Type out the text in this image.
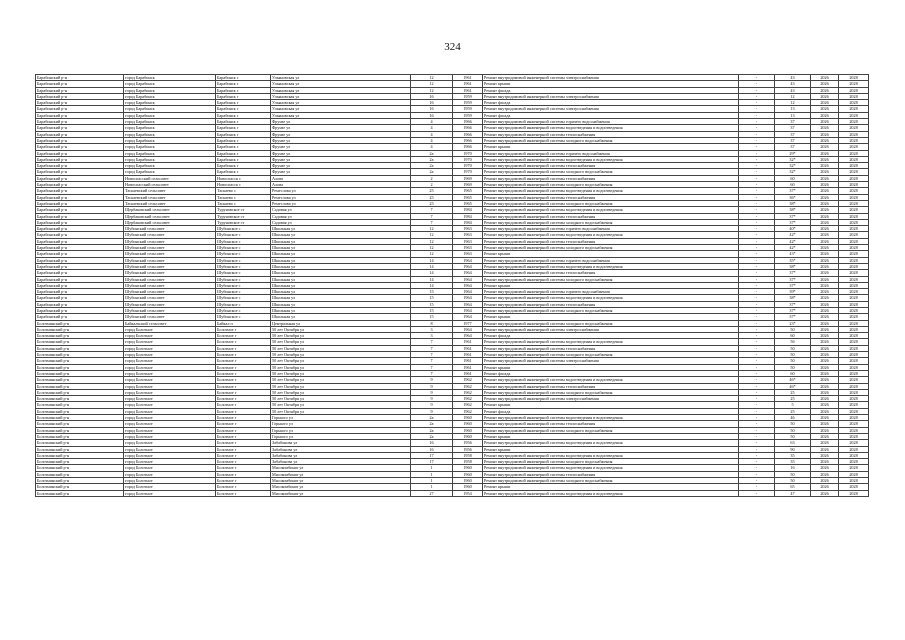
324
Барабинский р-н	город Барабинск	Барабинск г	Ульяновская ул	12	1961	Ремонт внутридомовой инженерной системы электроснабжения	-	43	2026	2028
Барабинский р-н	город Барабинск	Барабинск г	Ульяновская ул	12	1961	Ремонт крыши	-	43	2026	2028
Барабинский р-н	город Барабинск	Барабинск г	Ульяновская ул	12	1961	Ремонт фасада	-	43	2026	2028
Барабинский р-н	город Барабинск	Барабинск г	Ульяновская ул	16	1959	Ремонт внутридомовой инженерной системы электроснабжения	-	12	2026	2028
Барабинский р-н	город Барабинск	Барабинск г	Ульяновская ул	16	1959	Ремонт фасада	-	12	2026	2028
Барабинский р-н	город Барабинск	Барабинск г	Ульяновская ул	16	1959	Ремонт внутридомовой инженерной системы электроснабжения	-	13	2026	2028
Барабинский р-н	город Барабинск	Барабинск г	Ульяновская ул	16	1959	Ремонт фасада	-	13	2026	2028
Барабинский р-н	город Барабинск	Барабинск г	Фрунзе ул	4	1966	Ремонт внутридомовой инженерной системы горячего водоснабжения	-	37	2026	2028
Барабинский р-н	город Барабинск	Барабинск г	Фрунзе ул	4	1966	Ремонт внутридомовой инженерной системы водоотведения и водоотведения	-	37	2026	2028
Барабинский р-н	город Барабинск	Барабинск г	Фрунзе ул	4	1966	Ремонт внутридомовой инженерной системы теплоснабжения	-	37	2026	2028
Барабинский р-н	город Барабинск	Барабинск г	Фрунзе ул	4	1966	Ремонт внутридомовой инженерной системы холодного водоснабжения	-	37	2026	2028
Барабинский р-н	город Барабинск	Барабинск г	Фрунзе ул	4	1966	Ремонт крыши	-	37	2026	2028
Барабинский р-н	город Барабинск	Барабинск г	Фрунзе ул	2а	1970	Ремонт внутридомовой инженерной системы горячего водоснабжения	-	29*	2026	2028
Барабинский р-н	город Барабинск	Барабинск г	Фрунзе ул	2а	1970	Ремонт внутридомовой инженерной системы водоотведения и водоотведения	-	32*	2026	2028
Барабинский р-н	город Барабинск	Барабинск г	Фрунзе ул	2а	1970	Ремонт внутридомовой инженерной системы теплоснабжения	-	32*	2026	2028
Барабинский р-н	город Барабинск	Барабинск г	Фрунзе ул	2а	1970	Ремонт внутридомовой инженерной системы холодного водоснабжения	-	32*	2026	2028
Барабинский р-н	Новоспасский сельсовет	Новоспасск с	Алова	2	1969	Ремонт внутридомовой инженерной системы теплоснабжения	-	60	2026	2028
Барабинский р-н	Новоспасский сельсовет	Новоспасск с	Алова	2	1969	Ремонт внутридомовой инженерной системы холодного водоснабжения	-	60	2026	2028
Барабинский р-н	Таскаевский сельсовет	Таскаево с	Ремеслова ул	25	1965	Ремонт внутридомовой инженерной системы водоотведения и водоотведения	-	37*	2026	2028
Барабинский р-н	Таскаевский сельсовет	Таскаево с	Ремеслова ул	25	1965	Ремонт внутридомовой инженерной системы теплоснабжения	-	36*	2026	2028
Барабинский р-н	Таскаевский сельсовет	Таскаево с	Ремеслова ул	25	1965	Ремонт внутридомовой инженерной системы холодного водоснабжения	-	38*	2026	2028
Барабинский р-н	Щербаковский сельсовет	Туруновское ст	Садовая ул	7	1984	Ремонт внутридомовой инженерной системы водоотведения и водоотведения	-	38*	2026	2028
Барабинский р-н	Щербаковский сельсовет	Туруновское ст	Садовая ул	7	1984	Ремонт внутридомовой инженерной системы теплоснабжения	-	37*	2026	2028
Барабинский р-н	Щербаковский сельсовет	Туруновское ст	Садовая ул	7	1984	Ремонт внутридомовой инженерной системы холодного водоснабжения	-	37*	2026	2028
Барабинский р-н	Шубинский сельсовет	Шубинское с	Школьная ул	12	1963	Ремонт внутридомовой инженерной системы горячего водоснабжения	-	40*	2026	2028
Барабинский р-н	Шубинский сельсовет	Шубинское с	Школьная ул	12	1963	Ремонт внутридомовой инженерной системы водоотведения и водоотведения	-	42*	2026	2028
Барабинский р-н	Шубинский сельсовет	Шубинское с	Школьная ул	12	1963	Ремонт внутридомовой инженерной системы теплоснабжения	-	42*	2026	2028
Барабинский р-н	Шубинский сельсовет	Шубинское с	Школьная ул	12	1963	Ремонт внутридомовой инженерной системы холодного водоснабжения	-	42*	2026	2028
Барабинский р-н	Шубинский сельсовет	Шубинское с	Школьная ул	12	1963	Ремонт крыши	-	43*	2026	2028
Барабинский р-н	Шубинский сельсовет	Шубинское с	Школьная ул	14	1964	Ремонт внутридомовой инженерной системы горячего водоснабжения	-	35*	2026	2028
Барабинский р-н	Шубинский сельсовет	Шубинское с	Школьная ул	14	1964	Ремонт внутридомовой инженерной системы водоотведения и водоотведения	-	38*	2026	2028
Барабинский р-н	Шубинский сельсовет	Шубинское с	Школьная ул	14	1964	Ремонт внутридомовой инженерной системы теплоснабжения	-	37*	2026	2028
Барабинский р-н	Шубинский сельсовет	Шубинское с	Школьная ул	14	1964	Ремонт внутридомовой инженерной системы холодного водоснабжения	-	37*	2026	2028
Барабинский р-н	Шубинский сельсовет	Шубинское с	Школьная ул	14	1964	Ремонт крыши	-	37*	2026	2028
Барабинский р-н	Шубинский сельсовет	Шубинское с	Школьная ул	15	1964	Ремонт внутридомовой инженерной системы горячего водоснабжения	-	39*	2026	2028
Барабинский р-н	Шубинский сельсовет	Шубинское с	Школьная ул	15	1964	Ремонт внутридомовой инженерной системы водоотведения и водоотведения	-	38*	2026	2028
Барабинский р-н	Шубинский сельсовет	Шубинское с	Школьная ул	15	1964	Ремонт внутридомовой инженерной системы теплоснабжения	-	37*	2026	2028
Барабинский р-н	Шубинский сельсовет	Шубинское с	Школьная ул	15	1964	Ремонт внутридомовой инженерной системы холодного водоснабжения	-	37*	2026	2028
Барабинский р-н	Шубинский сельсовет	Шубинское с	Школьная ул	15	1964	Ремонт крыши	-	37*	2026	2028
Болотнинский р-н	Байкальский сельсовет	Байкал п	Центральная ул	8	1977	Ремонт внутридомовой инженерной системы холодного водоснабжения	-	23*	2026	2028
Болотнинский р-н	город Болотное	Болотное г	50 лет Октября ул	3	1964	Ремонт внутридомовой инженерной системы электроснабжения	-	50	2026	2028
Болотнинский р-н	город Болотное	Болотное г	50 лет Октября ул	3	1964	Ремонт фасада	-	60	2026	2028
Болотнинский р-н	город Болотное	Болотное г	50 лет Октября ул	7	1961	Ремонт внутридомовой инженерной системы водоотведения и водоотведения	-	56	2026	2028
Болотнинский р-н	город Болотное	Болотное г	50 лет Октября ул	7	1961	Ремонт внутридомовой инженерной системы теплоснабжения	-	50	2026	2028
Болотнинский р-н	город Болотное	Болотное г	50 лет Октября ул	7	1961	Ремонт внутридомовой инженерной системы холодного водоснабжения	-	50	2026	2028
Болотнинский р-н	город Болотное	Болотное г	50 лет Октября ул	7	1961	Ремонт внутридомовой инженерной системы электроснабжения	-	50	2026	2028
Болотнинский р-н	город Болотное	Болотное г	50 лет Октября ул	7	1961	Ремонт крыши	-	50	2026	2028
Болотнинский р-н	город Болотное	Болотное г	50 лет Октября ул	7	1961	Ремонт фасада	-	60	2026	2028
Болотнинский р-н	город Болотное	Болотное г	50 лет Октября ул	9	1962	Ремонт внутридомовой инженерной системы водоотведения и водоотведения	-	46*	2026	2028
Болотнинский р-н	город Болотное	Болотное г	50 лет Октября ул	9	1962	Ремонт внутридомовой инженерной системы теплоснабжения	-	46*	2026	2028
Болотнинский р-н	город Болотное	Болотное г	50 лет Октября ул	9	1962	Ремонт внутридомовой инженерной системы холодного водоснабжения	-	25	2026	2028
Болотнинский р-н	город Болотное	Болотное г	50 лет Октября ул	9	1962	Ремонт внутридомовой инженерной системы электроснабжения	-	25	2026	2028
Болотнинский р-н	город Болотное	Болотное г	50 лет Октября ул	9	1962	Ремонт крыши	-	5	2026	2028
Болотнинский р-н	город Болотное	Болотное г	50 лет Октября ул	9	1962	Ремонт фасада	-	25	2026	2028
Болотнинский р-н	город Болотное	Болотное г	Горького ул	2а	1960	Ремонт внутридомовой инженерной системы водоотведения и водоотведения	-	46	2026	2028
Болотнинский р-н	город Болотное	Болотное г	Горького ул	2а	1960	Ремонт внутридомовой инженерной системы теплоснабжения	-	50	2026	2028
Болотнинский р-н	город Болотное	Болотное г	Горького ул	2а	1960	Ремонт внутридомовой инженерной системы холодного водоснабжения	-	50	2026	2028
Болотнинский р-н	город Болотное	Болотное г	Горького ул	2а	1960	Ремонт крыши	-	50	2026	2028
Болотнинский р-н	город Болотное	Болотное г	Забабонова ул	16	1956	Ремонт внутридомовой инженерной системы водоотведения и водоотведения	-	63	2026	2028
Болотнинский р-н	город Болотное	Болотное г	Забабонова ул	16	1956	Ремонт крыши	-	90	2026	2028
Болотнинский р-н	город Болотное	Болотное г	Забабонова ул	17	1958	Ремонт внутридомовой инженерной системы водоотведения и водоотведения	-	35	2026	2028
Болотнинский р-н	город Болотное	Болотное г	Забабонова ул	17	1958	Ремонт внутридомовой инженерной системы холодного водоснабжения	-	35	2026	2028
Болотнинский р-н	город Болотное	Болотное г	Мясокомбинат ул	1	1960	Ремонт внутридомовой инженерной системы водоотведения и водоотведения	-	16	2026	2028
Болотнинский р-н	город Болотное	Болотное г	Мясокомбинат ул	1	1960	Ремонт внутридомовой инженерной системы теплоснабжения	-	50	2026	2028
Болотнинский р-н	город Болотное	Болотное г	Мясокомбинат ул	1	1960	Ремонт внутридомовой инженерной системы холодного водоснабжения	-	50	2026	2028
Болотнинский р-н	город Болотное	Болотное г	Мясокомбинат ул	1	1960	Ремонт крыши	-	65	2026	2028
Болотнинский р-н	город Болотное	Болотное г	Мясокомбинат ул	27	1954	Ремонт внутридомовой инженерной системы водоотведения и водоотведения	-	47	2026	2028
